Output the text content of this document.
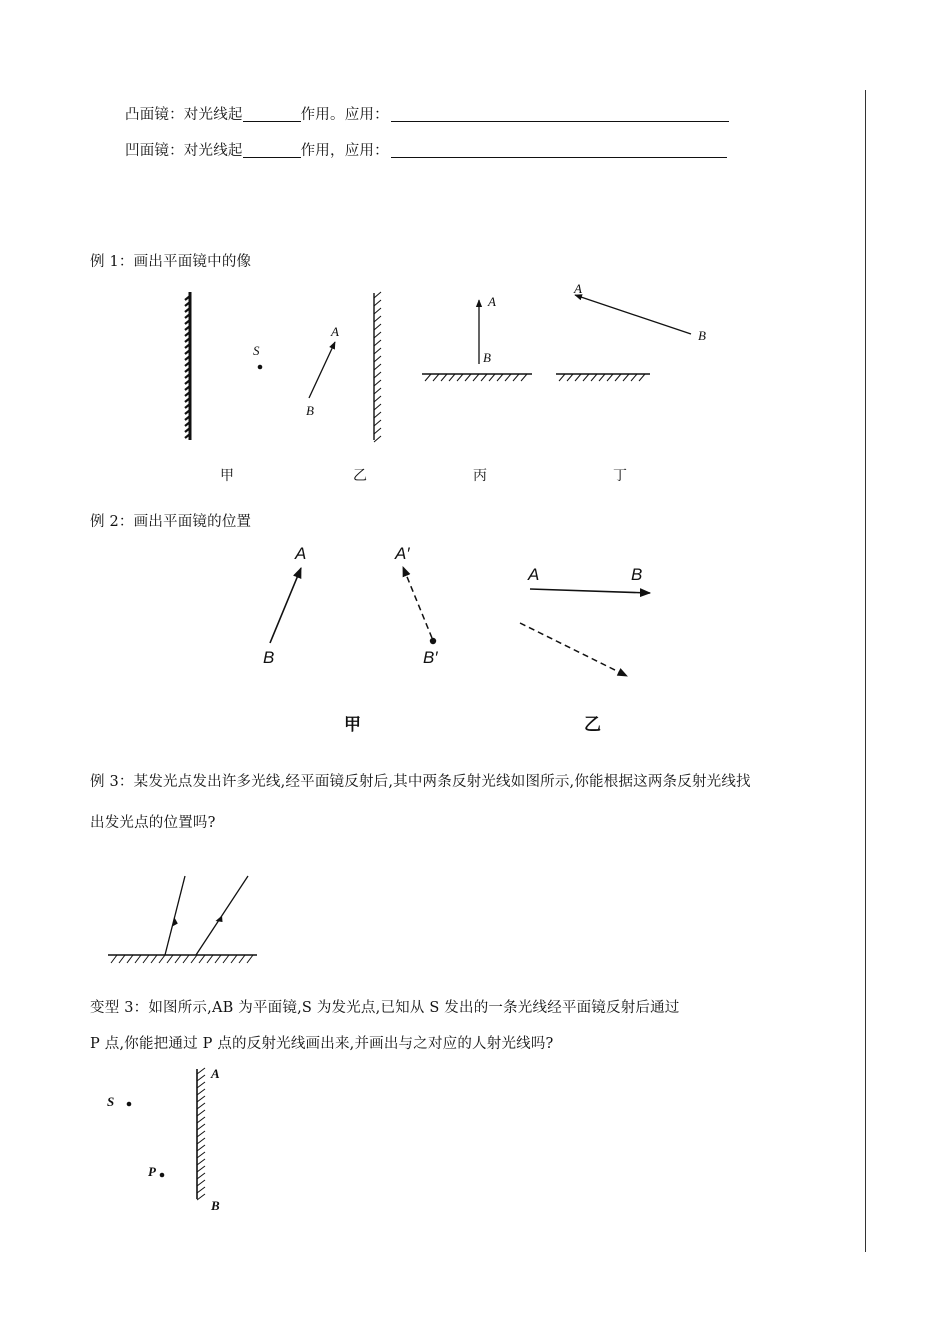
凸面镜：对光线起	作用。应用：
凹面镜：对光线起	作用，应用：
例 1：画出平面镜中的像
S
A
B
A
B
A
B
甲	乙	丙	丁
例 2：画出平面镜的位置
A
B
A′
B′
A	B
甲	乙
例 3：某发光点发出许多光线,经平面镜反射后,其中两条反射光线如图所示,你能根据这两条反射光线找
出发光点的位置吗?
变型 3：如图所示,AB 为平面镜,S 为发光点,已知从 S 发出的一条光线经平面镜反射后通过
P 点,你能把通过 P 点的反射光线画出来,并画出与之对应的人射光线吗?
A
B
S
P
